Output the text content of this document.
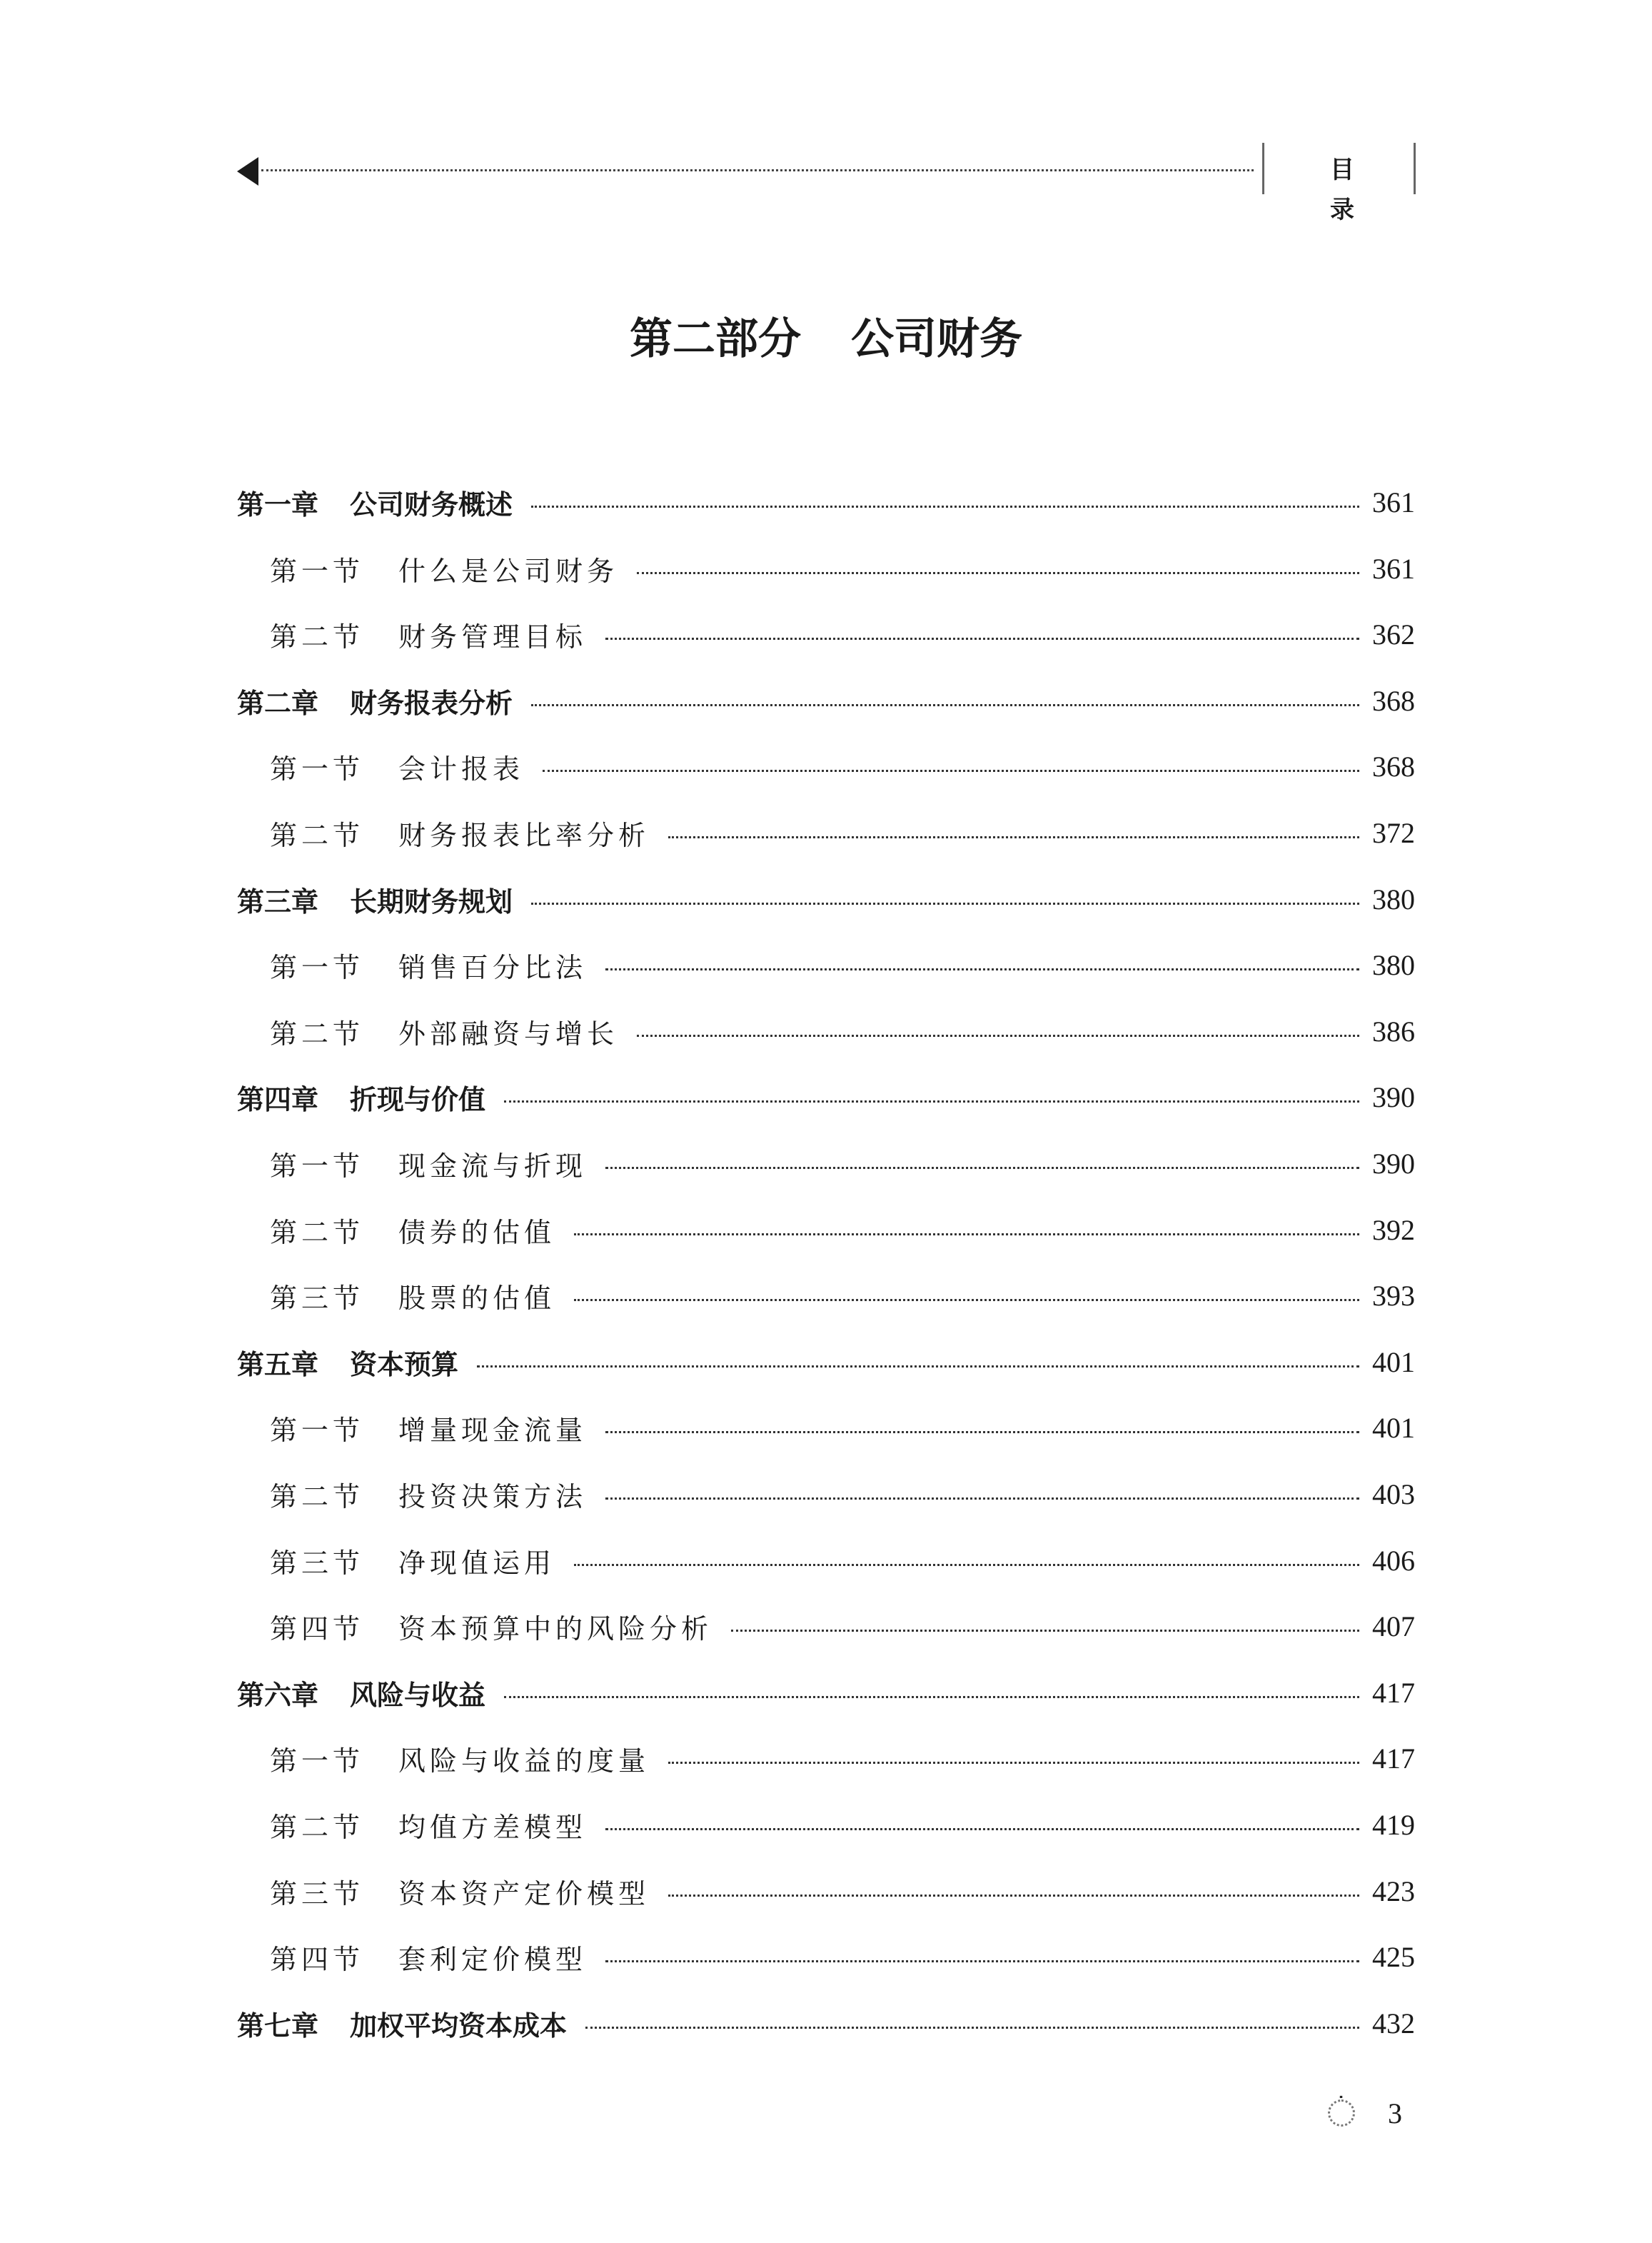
目 录
第二部分 公司财务
第一章 公司财务概述	361
第一节 什么是公司财务	361
第二节 财务管理目标	362
第二章 财务报表分析	368
第一节 会计报表	368
第二节 财务报表比率分析	372
第三章 长期财务规划	380
第一节 销售百分比法	380
第二节 外部融资与增长	386
第四章 折现与价值	390
第一节 现金流与折现	390
第二节 债券的估值	392
第三节 股票的估值	393
第五章 资本预算	401
第一节 增量现金流量	401
第二节 投资决策方法	403
第三节 净现值运用	406
第四节 资本预算中的风险分析	407
第六章 风险与收益	417
第一节 风险与收益的度量	417
第二节 均值方差模型	419
第三节 资本资产定价模型	423
第四节 套利定价模型	425
第七章 加权平均资本成本	432
˙ 3
